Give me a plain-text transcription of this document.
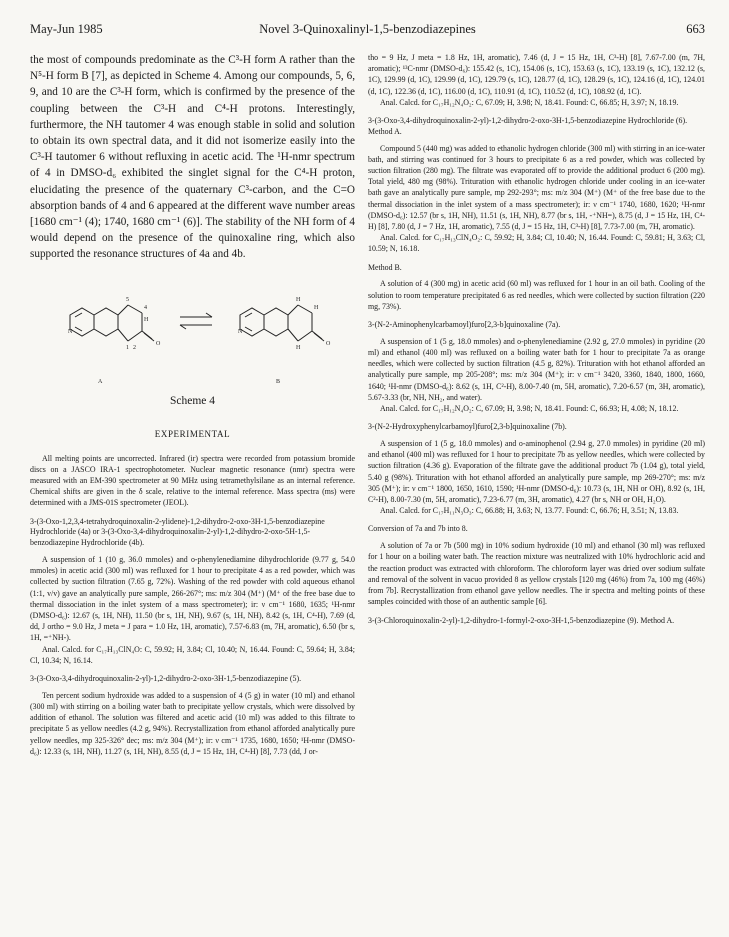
May-Jun 1985	Novel 3-Quinoxalinyl-1,5-benzodiazepines	663

the most of compounds predominate as the C³-H form A rather than the N⁵-H form B [7], as depicted in Scheme 4. Among our compounds, 5, 6, 9, and 10 are the C³-H form, which is confirmed by the presence of the coupling between the C³-H and C⁴-H protons. Interestingly, furthermore, the NH tautomer 4 was enough stable in solid and solution to obtain its own spectral data, and it did not isomerize easily into the C³-H tautomer 6 without refluxing in acetic acid. The ¹H-nmr spectrum of 4 in DMSO-d₆ exhibited the singlet signal for the C⁴-H proton, elucidating the presence of the quaternary C³-carbon, and the C=O absorption bands of 4 and 6 appeared at the different wave number areas [1680 cm⁻¹ (4); 1740, 1680 cm⁻¹ (6)]. The stability of the NH form of 4 would depend on the presence of the quinoxaline ring, which also supported the resonance structures of 4a and 4b.

5
4
H
1 2
O
N
H
H
H
O
N
A	B
Scheme 4
EXPERIMENTAL

All melting points are uncorrected. Infrared (ir) spectra were recorded from potassium bromide discs on a JASCO IRA-1 spectrophotometer. Nuclear magnetic resonance (nmr) spectra were measured with an EM-390 spectrometer at 90 MHz using tetramethylsilane as an internal reference. Chemical shifts are given in the δ scale, relative to the internal reference. Mass spectra (ms) were determined with a JMS-01S spectrometer (JEOL).

3-(3-Oxo-1,2,3,4-tetrahydroquinoxalin-2-ylidene)-1,2-dihydro-2-oxo-3H-1,5-benzodiazepine Hydrochloride (4a) or 3-(3-Oxo-3,4-dihydroquinoxalin-2-yl)-1,2-dihydro-2-oxo-5H-1,5-benzodiazepine Hydrochloride (4b).

A suspension of 1 (10 g, 36.0 mmoles) and o-phenylenediamine dihydrochloride (9.77 g, 54.0 mmoles) in acetic acid (300 ml) was refluxed for 1 hour to precipitate 4 as a red powder, which was collected by suction filtration (7.65 g, 72%). Washing of the red powder with cold aqueous ethanol (1:1, v/v) gave an analytically pure sample, 266-267°; ms: m/z 304 (M⁺) (M⁺ of the free base due to thermal dissociation in the inlet system of a mass spectrometer); ir: ν cm⁻¹ 1680, 1635; ¹H-nmr (DMSO-d₆): 12.67 (s, 1H, NH), 11.50 (br s, 1H, NH), 9.67 (s, 1H, NH), 8.42 (s, 1H, C⁴-H), 7.69 (d, dd, J ortho = 9.0 Hz, J meta = J para = 1.0 Hz, 1H, aromatic), 7.57-6.83 (m, 7H, aromatic), 6.50 (br s, 1H, =⁺NH-).

Anal. Calcd. for C₁₇H₁₃ClN₄O: C, 59.92; H, 3.84; Cl, 10.40; N, 16.44. Found: C, 59.64; H, 3.84; Cl, 10.34; N, 16.14.

3-(3-Oxo-3,4-dihydroquinoxalin-2-yl)-1,2-dihydro-2-oxo-3H-1,5-benzodiazepine (5).

Ten percent sodium hydroxide was added to a suspension of 4 (5 g) in water (10 ml) and ethanol (300 ml) with stirring on a boiling water bath to precipitate yellow crystals, which were dissolved by addition of ethanol. The solution was filtered and acetic acid (10 ml) was added to this filtrate to precipitate 5 as yellow needles (4.2 g, 94%). Recrystallization from ethanol afforded analytically pure yellow needles, mp 325-326° dec; ms: m/z 304 (M⁺); ir: ν cm⁻¹ 1735, 1680, 1650; ¹H-nmr (DMSO-d₆): 12.33 (s, 1H, NH), 11.27 (s, 1H, NH), 8.55 (d, J = 15 Hz, 1H, C⁴-H) [8], 7.73 (dd, J or-

tho = 9 Hz, J meta = 1.8 Hz, 1H, aromatic), 7.46 (d, J = 15 Hz, 1H, C³-H) [8], 7.67-7.00 (m, 7H, aromatic); ¹³C-nmr (DMSO-d₆): 155.42 (s, 1C), 154.06 (s, 1C), 153.63 (s, 1C), 133.19 (s, 1C), 132.12 (s, 1C), 129.99 (d, 1C), 129.99 (d, 1C), 129.79 (s, 1C), 128.77 (d, 1C), 128.29 (s, 1C), 124.16 (d, 1C), 124.01 (d, 1C), 122.36 (d, 1C), 116.00 (d, 1C), 110.91 (d, 1C), 110.52 (d, 1C), 108.92 (d, 1C).

Anal. Calcd. for C₁₇H₁₂N₄O₂: C, 67.09; H, 3.98; N, 18.41. Found: C, 66.85; H, 3.97; N, 18.19.

3-(3-Oxo-3,4-dihydroquinoxalin-2-yl)-1,2-dihydro-2-oxo-3H-1,5-benzodiazepine Hydrochloride (6). Method A.

Compound 5 (440 mg) was added to ethanolic hydrogen chloride (300 ml) with stirring in an ice-water bath, and stirring was continued for 3 hours to precipitate 6 as a red powder, which was collected by suction filtration (280 mg). The filtrate was evaporated off to provide the additional product 6 (200 mg). Total yield, 480 mg (98%). Trituration with ethanolic hydrogen chloride under cooling in an ice-water bath gave an analytically pure sample, mp 292-293°; ms: m/z 304 (M⁺) (M⁺ of the free base due to the thermal dissociation in the inlet system of a mass spectrometer); ir: ν cm⁻¹ 1740, 1680, 1620; ¹H-nmr (DMSO-d₆): 12.57 (br s, 1H, NH), 11.51 (s, 1H, NH), 8.77 (br s, 1H, -⁺NH=), 8.75 (d, J = 15 Hz, 1H, C⁴-H) [8], 7.80 (d, J = 7 Hz, 1H, aromatic), 7.55 (d, J = 15 Hz, 1H, C³-H) [8], 7.73-7.00 (m, 7H, aromatic).

Anal. Calcd. for C₁₇H₁₃ClN₄O₂: C, 59.92; H, 3.84; Cl, 10.40; N, 16.44. Found: C, 59.81; H, 3.63; Cl, 10.59; N, 16.18.

Method B.

A solution of 4 (300 mg) in acetic acid (60 ml) was refluxed for 1 hour in an oil bath. Cooling of the solution to room temperature precipitated 6 as red needles, which were collected by suction filtration (220 mg, 73%).

3-(N-2-Aminophenylcarbamoyl)furo[2,3-b]quinoxaline (7a).

A suspension of 1 (5 g, 18.0 mmoles) and o-phenylenediamine (2.92 g, 27.0 mmoles) in pyridine (20 ml) and ethanol (400 ml) was refluxed on a boiling water bath for 1 hour to precipitate 7a as orange needles, which were collected by suction filtration (4.5 g, 82%). Trituration with hot ethanol afforded an analytically pure sample, mp 205-208°; ms: m/z 304 (M⁺); ir: ν cm⁻¹ 3420, 3360, 1840, 1800, 1660, 1640; ¹H-nmr (DMSO-d₆): 8.62 (s, 1H, C²-H), 8.00-7.40 (m, 5H, aromatic), 7.20-6.57 (m, 3H, aromatic), 5.67-3.33 (br, NH, NH₂, and water).

Anal. Calcd. for C₁₇H₁₂N₄O₂: C, 67.09; H, 3.98; N, 18.41. Found: C, 66.93; H, 4.08; N, 18.12.

3-(N-2-Hydroxyphenylcarbamoyl)furo[2,3-b]quinoxaline (7b).

A suspension of 1 (5 g, 18.0 mmoles) and o-aminophenol (2.94 g, 27.0 mmoles) in pyridine (20 ml) and ethanol (400 ml) was refluxed for 1 hour to precipitate 7b as yellow needles, which were collected by suction filtration (4.36 g). Evaporation of the filtrate gave the additional product 7b (1.04 g), total yield, 5.40 g (98%). Trituration with hot ethanol afforded an analytically pure sample, mp 269-270°; ms: m/z 305 (M⁺); ir: ν cm⁻¹ 1800, 1650, 1610, 1590; ¹H-nmr (DMSO-d₆): 10.73 (s, 1H, NH or OH), 8.92 (s, 1H, C²-H), 8.00-7.30 (m, 5H, aromatic), 7.23-6.77 (m, 3H, aromatic), 4.27 (br s, NH or OH, H₂O).

Anal. Calcd. for C₁₇H₁₁N₃O₃: C, 66.88; H, 3.63; N, 13.77. Found: C, 66.76; H, 3.51; N, 13.83.

Conversion of 7a and 7b into 8.

A solution of 7a or 7b (500 mg) in 10% sodium hydroxide (10 ml) and ethanol (30 ml) was refluxed for 1 hour on a boiling water bath. The reaction mixture was neutralized with 10% hydrochloric acid and the reaction product was extracted with chloroform. The chloroform layer was dried over sodium sulfate and removal of the solvent in vacuo provided 8 as yellow crystals [120 mg (46%) from 7a, 100 mg (46%) from 7b]. Recrystallization from ethanol gave yellow needles. The ir spectra and melting points of these samples coincided with those of an authentic sample [6].

3-(3-Chloroquinoxalin-2-yl)-1,2-dihydro-1-formyl-2-oxo-3H-1,5-benzodiazepine (9). Method A.
